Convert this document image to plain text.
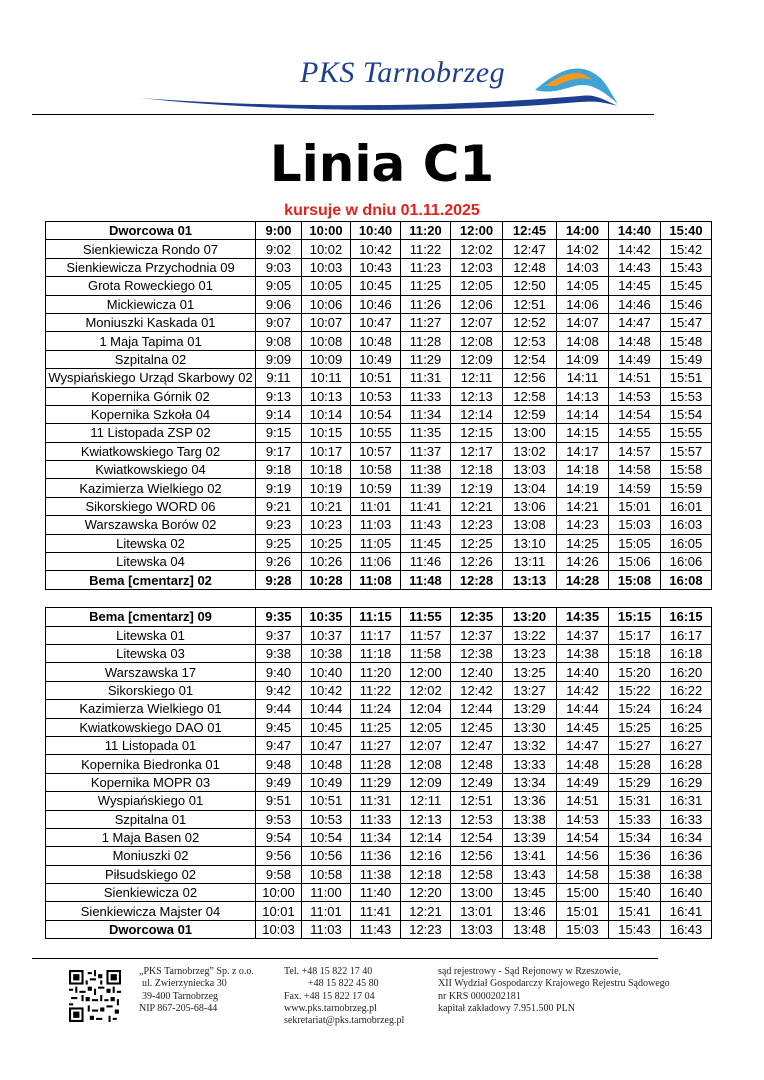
PKS Tarnobrzeg
Linia C1
kursuje w dniu 01.11.2025
Dworcowa 01	9:00	10:00	10:40	11:20	12:00	12:45	14:00	14:40	15:40
Sienkiewicza Rondo 07	9:02	10:02	10:42	11:22	12:02	12:47	14:02	14:42	15:42
Sienkiewicza Przychodnia 09	9:03	10:03	10:43	11:23	12:03	12:48	14:03	14:43	15:43
Grota Roweckiego 01	9:05	10:05	10:45	11:25	12:05	12:50	14:05	14:45	15:45
Mickiewicza 01	9:06	10:06	10:46	11:26	12:06	12:51	14:06	14:46	15:46
Moniuszki Kaskada 01	9:07	10:07	10:47	11:27	12:07	12:52	14:07	14:47	15:47
1 Maja Tapima 01	9:08	10:08	10:48	11:28	12:08	12:53	14:08	14:48	15:48
Szpitalna 02	9:09	10:09	10:49	11:29	12:09	12:54	14:09	14:49	15:49
Wyspiańskiego Urząd Skarbowy 02	9:11	10:11	10:51	11:31	12:11	12:56	14:11	14:51	15:51
Kopernika Górnik 02	9:13	10:13	10:53	11:33	12:13	12:58	14:13	14:53	15:53
Kopernika Szkoła 04	9:14	10:14	10:54	11:34	12:14	12:59	14:14	14:54	15:54
11 Listopada ZSP 02	9:15	10:15	10:55	11:35	12:15	13:00	14:15	14:55	15:55
Kwiatkowskiego Targ 02	9:17	10:17	10:57	11:37	12:17	13:02	14:17	14:57	15:57
Kwiatkowskiego 04	9:18	10:18	10:58	11:38	12:18	13:03	14:18	14:58	15:58
Kazimierza Wielkiego 02	9:19	10:19	10:59	11:39	12:19	13:04	14:19	14:59	15:59
Sikorskiego WORD 06	9:21	10:21	11:01	11:41	12:21	13:06	14:21	15:01	16:01
Warszawska Borów 02	9:23	10:23	11:03	11:43	12:23	13:08	14:23	15:03	16:03
Litewska 02	9:25	10:25	11:05	11:45	12:25	13:10	14:25	15:05	16:05
Litewska 04	9:26	10:26	11:06	11:46	12:26	13:11	14:26	15:06	16:06
Bema [cmentarz] 02	9:28	10:28	11:08	11:48	12:28	13:13	14:28	15:08	16:08

Bema [cmentarz] 09	9:35	10:35	11:15	11:55	12:35	13:20	14:35	15:15	16:15
Litewska 01	9:37	10:37	11:17	11:57	12:37	13:22	14:37	15:17	16:17
Litewska 03	9:38	10:38	11:18	11:58	12:38	13:23	14:38	15:18	16:18
Warszawska 17	9:40	10:40	11:20	12:00	12:40	13:25	14:40	15:20	16:20
Sikorskiego 01	9:42	10:42	11:22	12:02	12:42	13:27	14:42	15:22	16:22
Kazimierza Wielkiego 01	9:44	10:44	11:24	12:04	12:44	13:29	14:44	15:24	16:24
Kwiatkowskiego DAO 01	9:45	10:45	11:25	12:05	12:45	13:30	14:45	15:25	16:25
11 Listopada 01	9:47	10:47	11:27	12:07	12:47	13:32	14:47	15:27	16:27
Kopernika Biedronka 01	9:48	10:48	11:28	12:08	12:48	13:33	14:48	15:28	16:28
Kopernika MOPR 03	9:49	10:49	11:29	12:09	12:49	13:34	14:49	15:29	16:29
Wyspiańskiego 01	9:51	10:51	11:31	12:11	12:51	13:36	14:51	15:31	16:31
Szpitalna 01	9:53	10:53	11:33	12:13	12:53	13:38	14:53	15:33	16:33
1 Maja Basen 02	9:54	10:54	11:34	12:14	12:54	13:39	14:54	15:34	16:34
Moniuszki 02	9:56	10:56	11:36	12:16	12:56	13:41	14:56	15:36	16:36
Piłsudskiego 02	9:58	10:58	11:38	12:18	12:58	13:43	14:58	15:38	16:38
Sienkiewicza 02	10:00	11:00	11:40	12:20	13:00	13:45	15:00	15:40	16:40
Sienkiewicza Majster 04	10:01	11:01	11:41	12:21	13:01	13:46	15:01	15:41	16:41
Dworcowa 01	10:03	11:03	11:43	12:23	13:03	13:48	15:03	15:43	16:43
„PKS Tarnobrzeg” Sp. z o.o.
ul. Zwierzyniecka 30
39-400 Tarnobrzeg
NIP 867-205-68-44
Tel. +48 15 822 17 40
+48 15 822 45 80
Fax. +48 15 822 17 04
www.pks.tarnobrzeg.pl
sekretariat@pks.tarnobrzeg.pl
sąd rejestrowy - Sąd Rejonowy w Rzeszowie,
XII Wydział Gospodarczy Krajowego Rejestru Sądowego
nr KRS 0000202181
kapitał zakładowy 7.951.500 PLN
